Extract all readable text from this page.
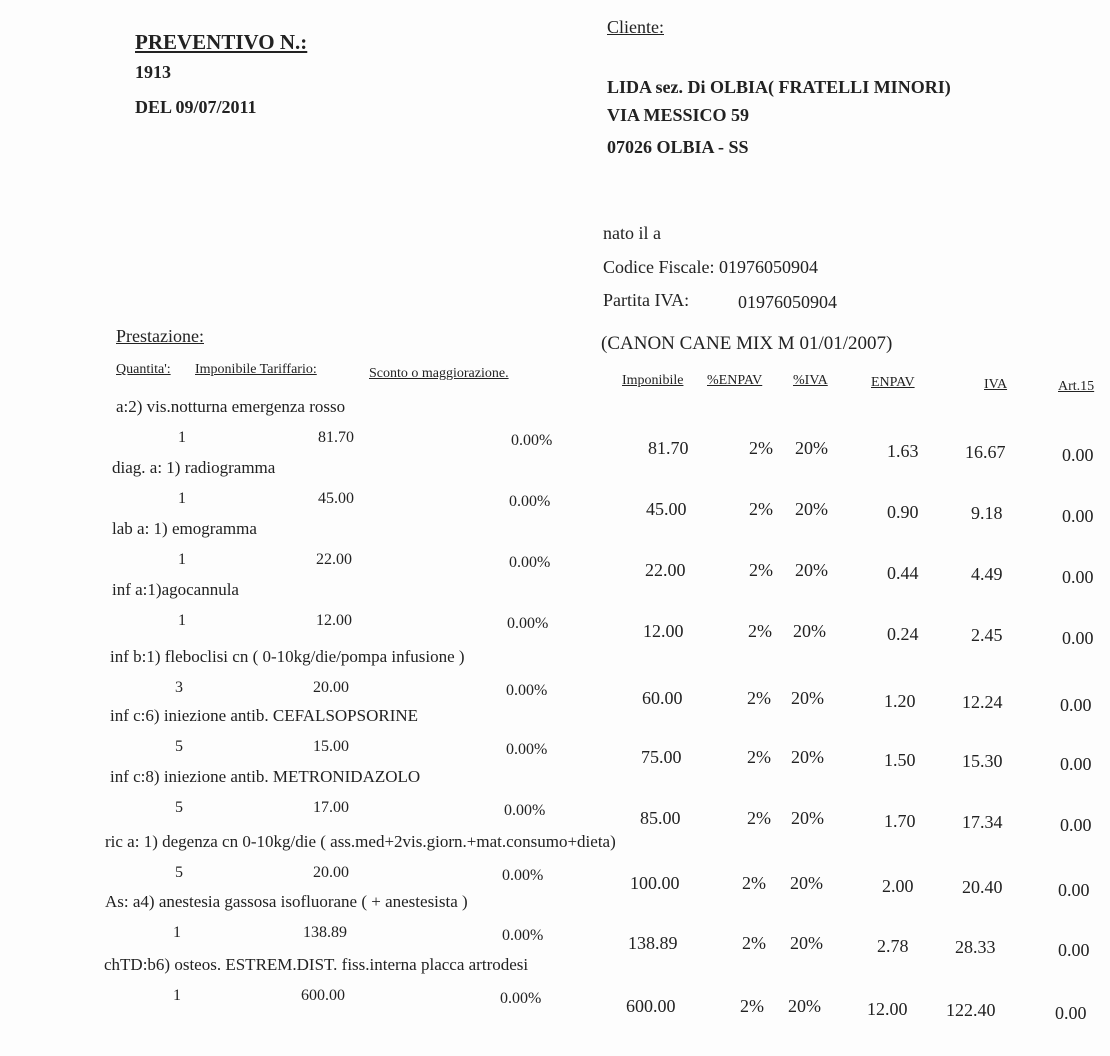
PREVENTIVO N.:
1913
DEL 09/07/2011
Cliente:
LIDA sez. Di OLBIA( FRATELLI MINORI)
VIA MESSICO 59
07026 OLBIA - SS
nato il a
Codice Fiscale: 01976050904
Partita IVA:	01976050904
(CANON CANE MIX M 01/01/2007)
Prestazione:
Quantita': Imponibile Tariffario:	Sconto o maggiorazione.	Imponibile %ENPAV %IVA	ENPAV	IVA	Art.15
a:2) vis.notturna emergenza rosso
1	81.70	0.00%	81.70	2% 20%	1.63	16.67	0.00
diag. a: 1) radiogramma
1	45.00	0.00%	45.00	2% 20%	0.90	9.18	0.00
lab a: 1) emogramma
1	22.00	0.00%	22.00	2% 20%	0.44	4.49	0.00
inf a:1)agocannula
1	12.00	0.00%	12.00	2% 20%	0.24	2.45	0.00
inf b:1) fleboclisi cn ( 0-10kg/die/pompa infusione )
3	20.00	0.00%	60.00	2% 20%	1.20	12.24	0.00
inf c:6) iniezione antib. CEFALSOPSORINE
5	15.00	0.00%	75.00	2% 20%	1.50	15.30	0.00
inf c:8) iniezione antib. METRONIDAZOLO
5	17.00	0.00%	85.00	2% 20%	1.70	17.34	0.00
ric a: 1) degenza cn 0-10kg/die ( ass.med+2vis.giorn.+mat.consumo+dieta)
5	20.00	0.00%	100.00	2% 20%	2.00	20.40	0.00
As: a4) anestesia gassosa isofluorane ( + anestesista )
1	138.89	0.00%	138.89	2% 20%	2.78	28.33	0.00
chTD:b6) osteos. ESTREM.DIST. fiss.interna placca artrodesi
1	600.00	0.00%	600.00	2% 20%	12.00 122.40	0.00
